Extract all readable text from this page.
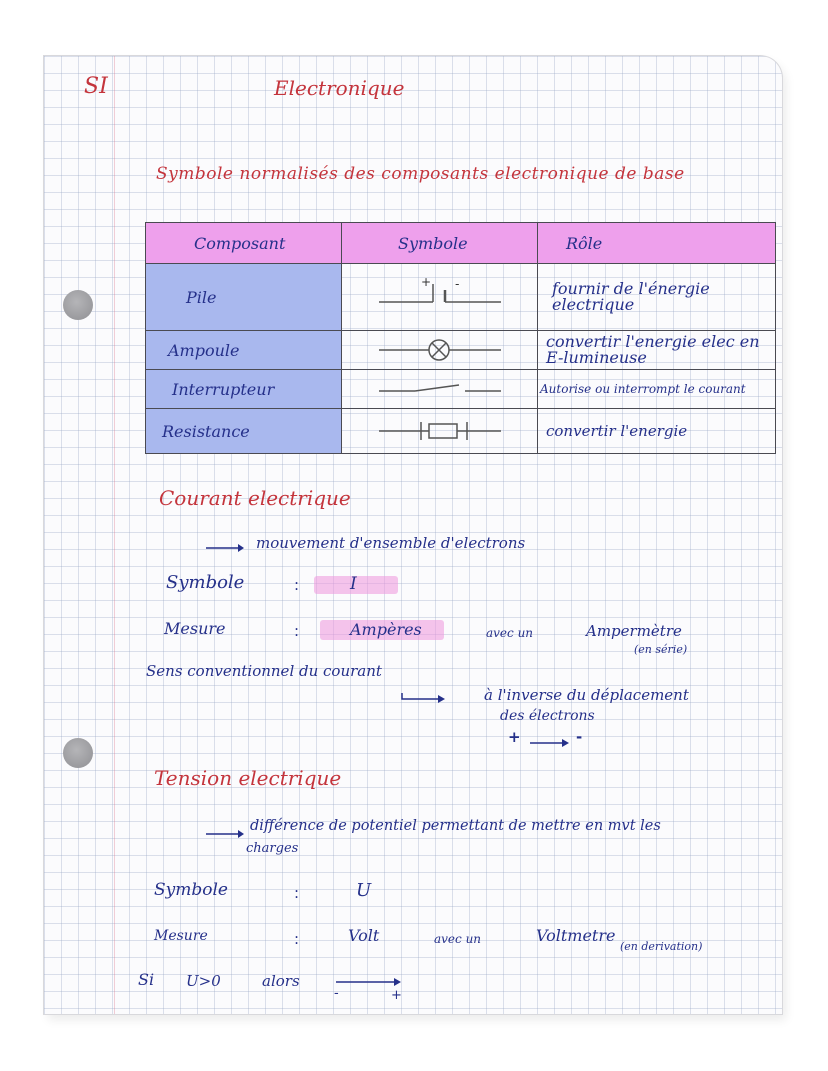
SI	Electronique
Symbole normalisés des composants electronique de base
Composant	Symbole	Rôle
Pile	+ -	fournir de l'énergie electrique
Ampoule		convertir l'energie elec en E-lumineuse
Interrupteur		Autorise ou interrompt le courant
Resistance		convertir l'energie
Courant electrique
mouvement d'ensemble d'electrons
Symbole	:	I
Mesure	:	Ampères	avec un	Ampermètre
(en série)
Sens conventionnel du courant
à l'inverse du déplacement
des électrons
+	-
Tension electrique
différence de potentiel permettant de mettre en mvt les
charges
Symbole	:	U
Mesure	:	Volt	avec un	Voltmetre
(en derivation)
Si U>0	alors
-	+
